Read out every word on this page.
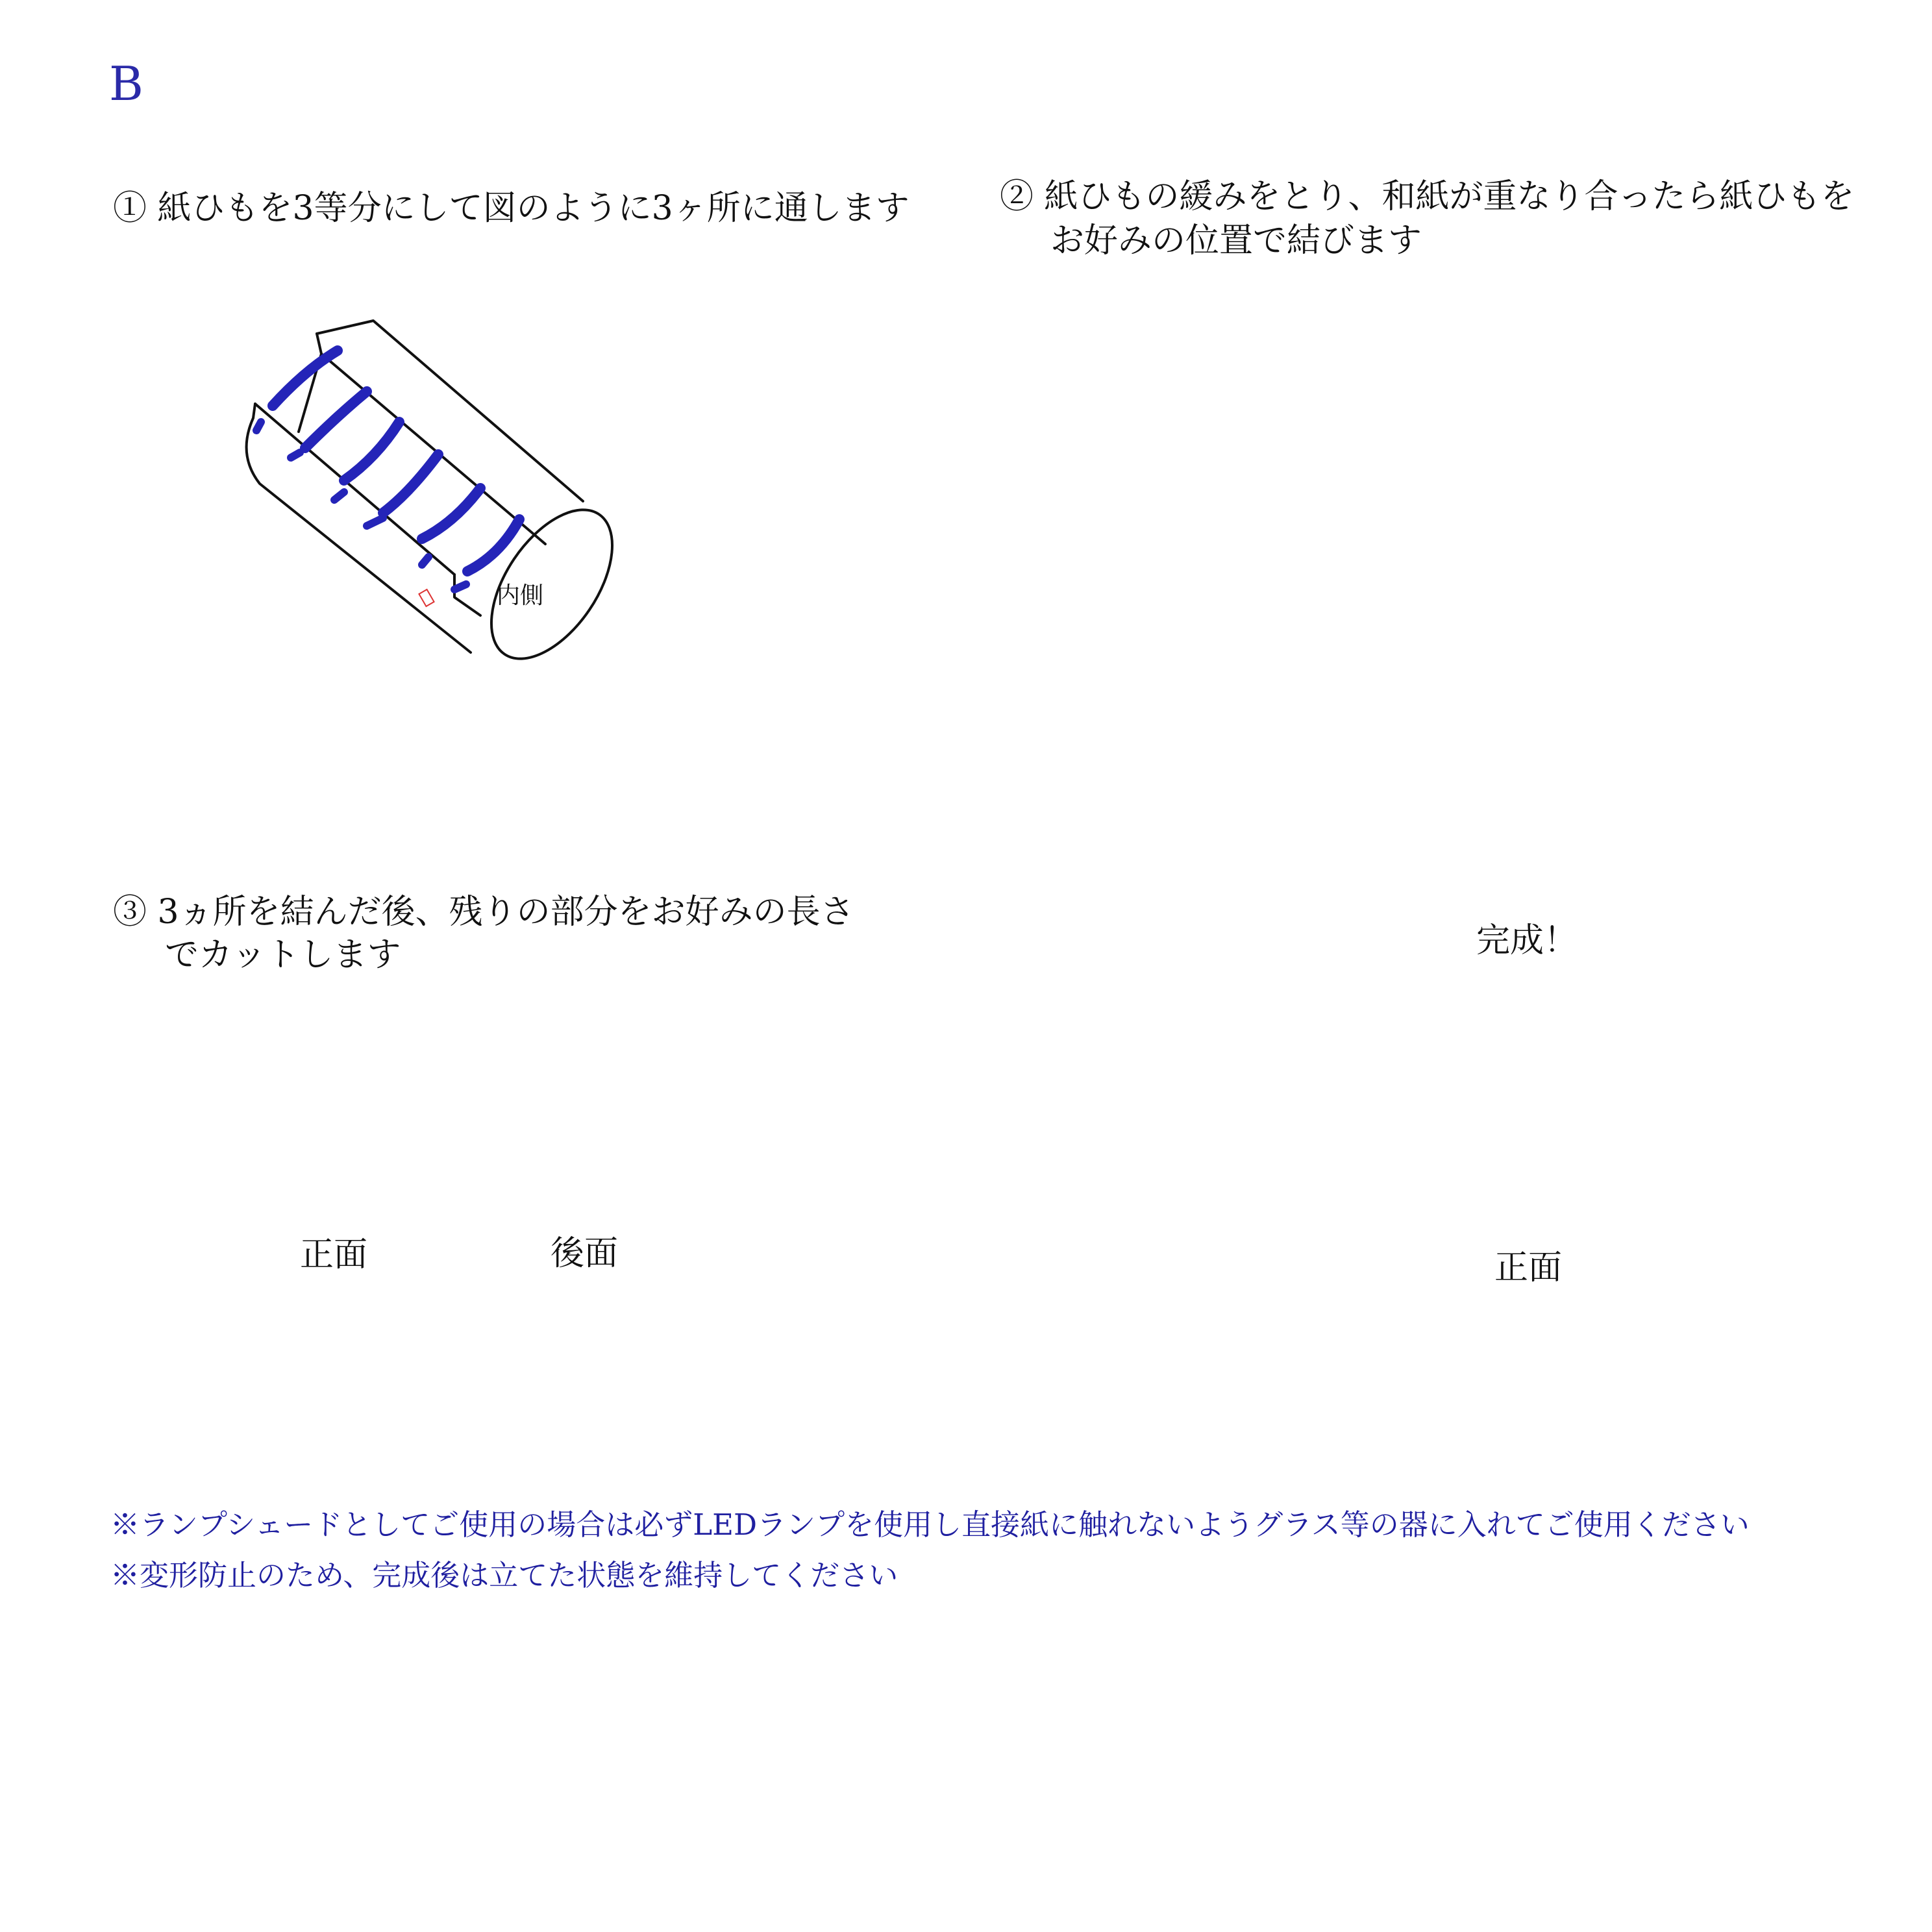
B
① 紙ひもを3等分にして図のように3ヶ所に通します	② 紙ひもの緩みをとり、和紙が重なり合ったら紙ひもを
お好みの位置で結びます
③ 3ヵ所を結んだ後、残りの部分をお好みの長さ
でカットします	完成！
内側
正面	後面	正面
※ランプシェードとしてご使用の場合は必ずLEDランプを使用し直接紙に触れないようグラス等の器に入れてご使用ください
※変形防止のため、完成後は立てた状態を維持してください
